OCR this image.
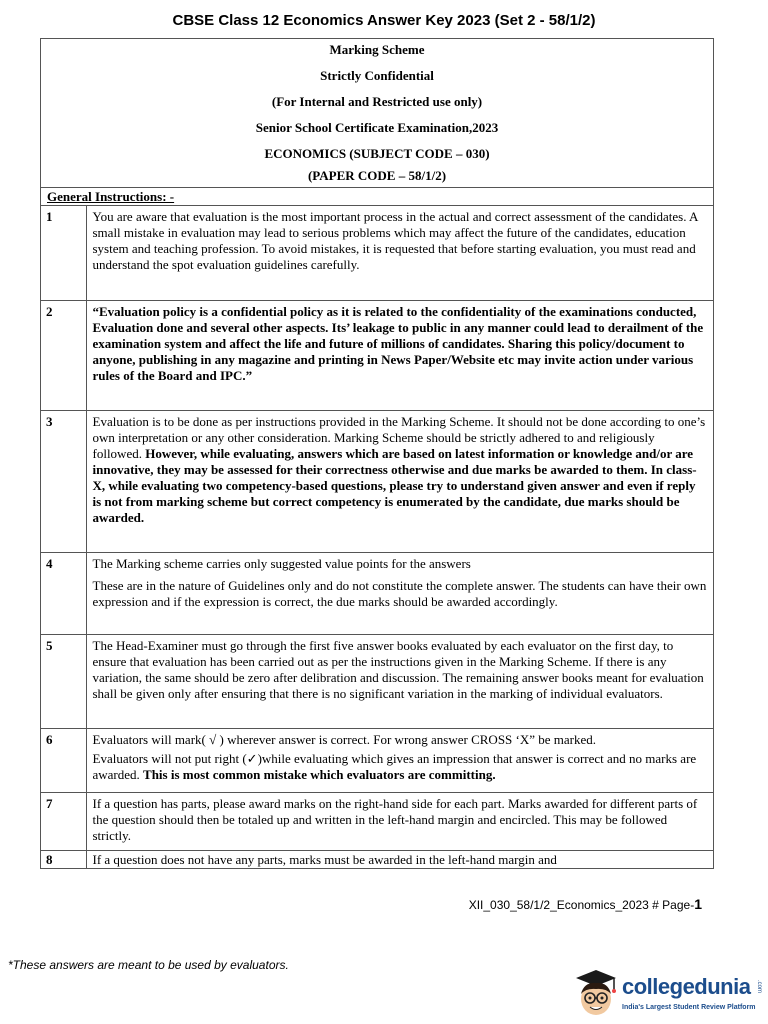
CBSE Class 12 Economics Answer Key 2023 (Set 2 - 58/1/2)
Marking Scheme
Strictly Confidential
(For Internal and Restricted use only)
Senior School Certificate Examination,2023
ECONOMICS (SUBJECT CODE – 030)
(PAPER CODE – 58/1/2)
General Instructions: -
1	You are aware that evaluation is the most important process in the actual and correct assessment of the candidates. A small mistake in evaluation may lead to serious problems which may affect the future of the candidates, education system and teaching profession. To avoid mistakes, it is requested that before starting evaluation, you must read and understand the spot evaluation guidelines carefully.
2	“Evaluation policy is a confidential policy as it is related to the confidentiality of the examinations conducted, Evaluation done and several other aspects. Its’ leakage to public in any manner could lead to derailment of the examination system and affect the life and future of millions of candidates. Sharing this policy/document to anyone, publishing in any magazine and printing in News Paper/Website etc may invite action under various rules of the Board and IPC.”
3	Evaluation is to be done as per instructions provided in the Marking Scheme. It should not be done according to one’s own interpretation or any other consideration. Marking Scheme should be strictly adhered to and religiously followed. However, while evaluating, answers which are based on latest information or knowledge and/or are innovative, they may be assessed for their correctness otherwise and due marks be awarded to them. In class-X, while evaluating two competency-based questions, please try to understand given answer and even if reply is not from marking scheme but correct competency is enumerated by the candidate, due marks should be awarded.
4	The Marking scheme carries only suggested value points for the answers
These are in the nature of Guidelines only and do not constitute the complete answer. The students can have their own expression and if the expression is correct, the due marks should be awarded accordingly.

5	The Head-Examiner must go through the first five answer books evaluated by each evaluator on the first day, to ensure that evaluation has been carried out as per the instructions given in the Marking Scheme. If there is any variation, the same should be zero after delibration and discussion. The remaining answer books meant for evaluation shall be given only after ensuring that there is no significant variation in the marking of individual evaluators.
6	Evaluators will mark( √ ) wherever answer is correct. For wrong answer CROSS ‘X” be marked.
Evaluators will not put right (✓)while evaluating which gives an impression that answer is correct and no marks are awarded. This is most common mistake which evaluators are committing.
7	If a question has parts, please award marks on the right-hand side for each part. Marks awarded for different parts of the question should then be totaled up and written in the left-hand margin and encircled. This may be followed strictly.
8	If a question does not have any parts, marks must be awarded in the left-hand margin and
XII_030_58/1/2_Economics_2023 # Page-1
*These answers are meant to be used by evaluators.
collegedunia
India's Largest Student Review Platform
.com
